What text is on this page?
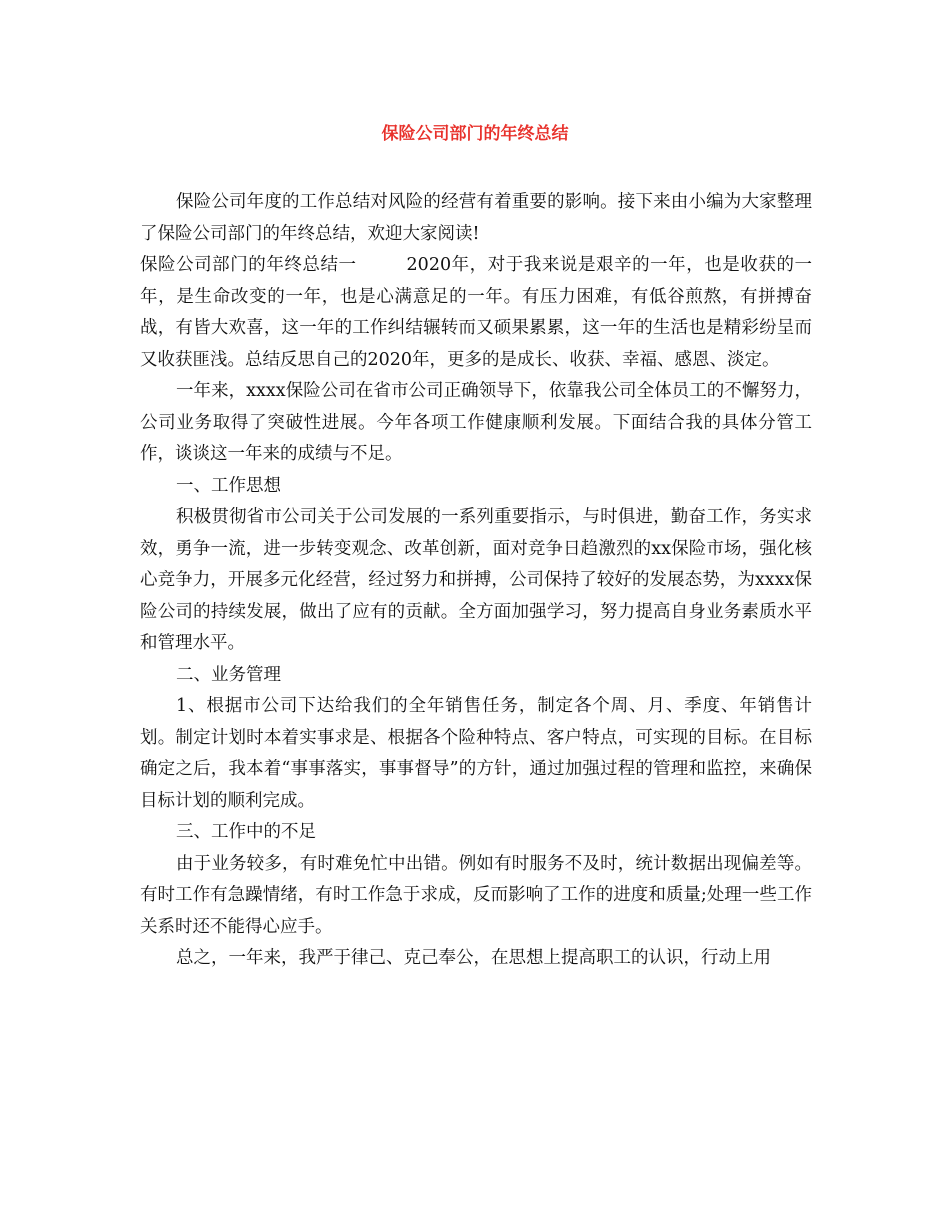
保险公司部门的年终总结

保险公司年度的工作总结对风险的经营有着重要的影响。接下来由小编为大家整理了保险公司部门的年终总结，欢迎大家阅读!

保险公司部门的年终总结一	2020年，对于我来说是艰辛的一年，也是收获的一年，是生命改变的一年，也是心满意足的一年。有压力困难，有低谷煎熬，有拼搏奋战，有皆大欢喜，这一年的工作纠结辗转而又硕果累累，这一年的生活也是精彩纷呈而又收获匪浅。总结反思自己的2020年，更多的是成长、收获、幸福、感恩、淡定。

一年来，xxxx保险公司在省市公司正确领导下，依靠我公司全体员工的不懈努力，公司业务取得了突破性进展。今年各项工作健康顺利发展。下面结合我的具体分管工作，谈谈这一年来的成绩与不足。

一、工作思想

积极贯彻省市公司关于公司发展的一系列重要指示，与时俱进，勤奋工作，务实求效，勇争一流，进一步转变观念、改革创新，面对竞争日趋激烈的xx保险市场，强化核心竞争力，开展多元化经营，经过努力和拼搏，公司保持了较好的发展态势，为xxxx保险公司的持续发展，做出了应有的贡献。全方面加强学习，努力提高自身业务素质水平和管理水平。

二、业务管理

1、根据市公司下达给我们的全年销售任务，制定各个周、月、季度、年销售计划。制定计划时本着实事求是、根据各个险种特点、客户特点，可实现的目标。在目标确定之后，我本着“事事落实，事事督导”的方针，通过加强过程的管理和监控，来确保目标计划的顺利完成。

三、工作中的不足

由于业务较多，有时难免忙中出错。例如有时服务不及时，统计数据出现偏差等。有时工作有急躁情绪，有时工作急于求成，反而影响了工作的进度和质量;处理一些工作关系时还不能得心应手。

总之，一年来，我严于律己、克己奉公，在思想上提高职工的认识，行动上用
